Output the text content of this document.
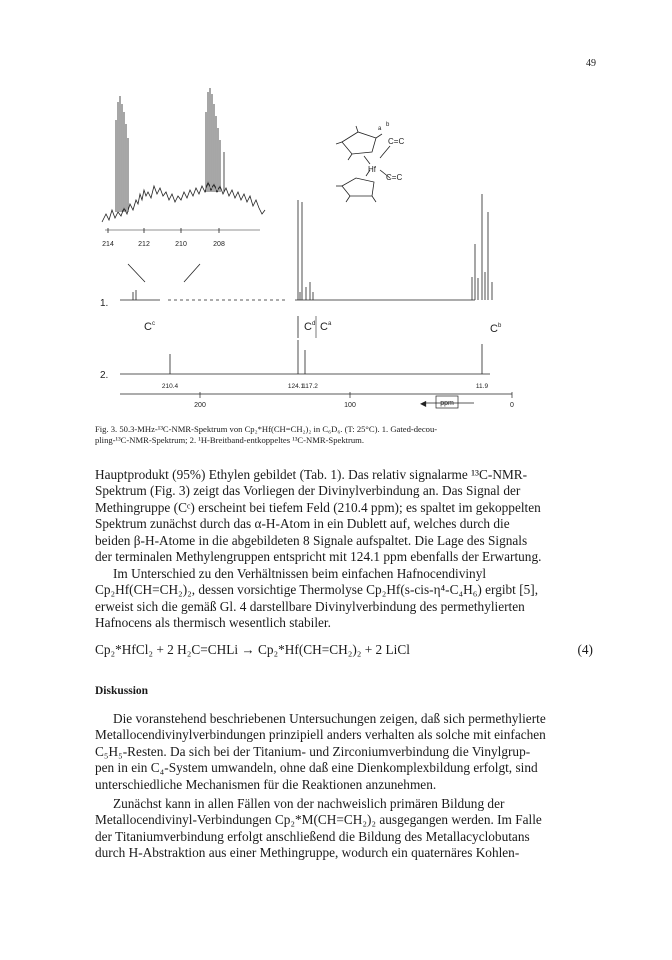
49
214	212	210	208
Hf
a
b
C=C
C=C
1.
C c	C d C a	C b
2.
210.4	124.1
117.2	11.9
200	100	0
◀ ppm
Fig. 3. 50.3-MHz-¹³C-NMR-Spektrum von Cp₂*Hf(CH=CH₂)₂ in C₆D₆. (T: 25°C). 1. Gated-decou-
pling-¹³C-NMR-Spektrum; 2. ¹H-Breitband-entkoppeltes ¹³C-NMR-Spektrum.

Hauptprodukt (95%) Ethylen gebildet (Tab. 1). Das relativ signalarme ¹³C-NMR-

Spektrum (Fig. 3) zeigt das Vorliegen der Divinylverbindung an. Das Signal der

Methingruppe (Cᶜ) erscheint bei tiefem Feld (210.4 ppm); es spaltet im gekoppelten

Spektrum zunächst durch das α-H-Atom in ein Dublett auf, welches durch die

beiden β-H-Atome in die abgebildeten 8 Signale aufspaltet. Die Lage des Signals

der terminalen Methylengruppen entspricht mit 124.1 ppm ebenfalls der Erwartung.

Im Unterschied zu den Verhältnissen beim einfachen Hafnocendivinyl

Cp₂Hf(CH=CH₂)₂, dessen vorsichtige Thermolyse Cp₂Hf(s-cis-η⁴-C₄H₆) ergibt [5],

erweist sich die gemäß Gl. 4 darstellbare Divinylverbindung des permethylierten

Hafnocens als thermisch wesentlich stabiler.

Cp₂*HfCl₂ + 2 H₂C=CHLi → Cp₂*Hf(CH=CH₂)₂ + 2 LiCl	(4)
Diskussion

Die voranstehend beschriebenen Untersuchungen zeigen, daß sich permethylierte

Metallocendivinylverbindungen prinzipiell anders verhalten als solche mit einfachen

C₅H₅-Resten. Da sich bei der Titanium- und Zirconiumverbindung die Vinylgrup-

pen in ein C₄-System umwandeln, ohne daß eine Dienkomplexbildung erfolgt, sind

unterschiedliche Mechanismen für die Reaktionen anzunehmen.

Zunächst kann in allen Fällen von der nachweislich primären Bildung der

Metallocendivinyl-Verbindungen Cp₂*M(CH=CH₂)₂ ausgegangen werden. Im Falle

der Titaniumverbindung erfolgt anschließend die Bildung des Metallacyclobutans

durch H-Abstraktion aus einer Methingruppe, wodurch ein quaternäres Kohlen-
